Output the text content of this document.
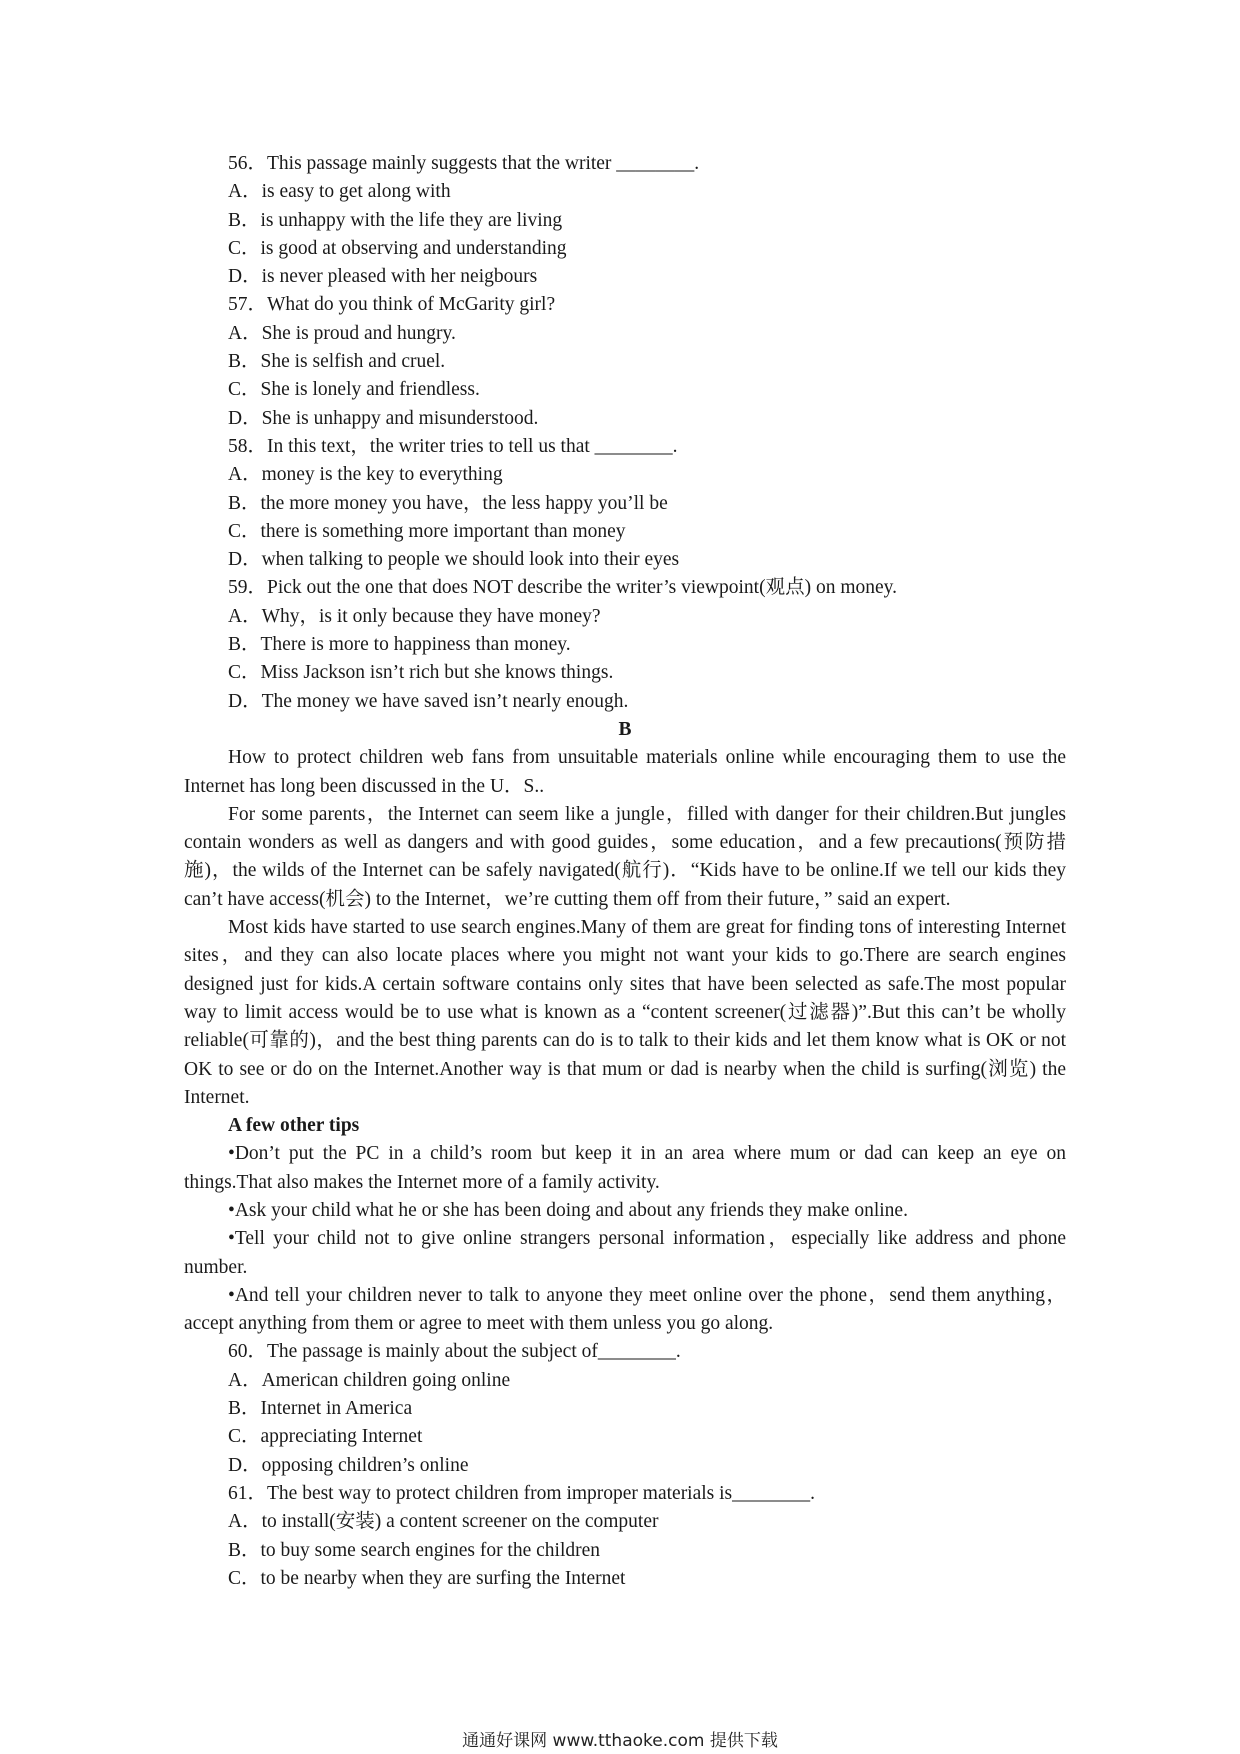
56．This passage mainly suggests that the writer ________.
A．is easy to get along with
B．is unhappy with the life they are living
C．is good at observing and understanding
D．is never pleased with her neigbours
57．What do you think of McGarity girl?
A．She is proud and hungry.
B．She is selfish and cruel.
C．She is lonely and friendless.
D．She is unhappy and misunderstood.
58．In this text，the writer tries to tell us that ________.
A．money is the key to everything
B．the more money you have，the less happy you’ll be
C．there is something more important than money
D．when talking to people we should look into their eyes
59．Pick out the one that does NOT describe the writer’s viewpoint(观点) on money.
A．Why，is it only because they have money?
B．There is more to happiness than money.
C．Miss Jackson isn’t rich but she knows things.
D．The money we have saved isn’t nearly enough.
B

How to protect children web fans from unsuitable materials online while encouraging them to use the Internet has long been discussed in the U．S..

For some parents，the Internet can seem like a jungle，filled with danger for their children.But jungles contain wonders as well as dangers and with good guides，some education，and a few precautions(预防措施)，the wilds of the Internet can be safely navigated(航行)．“Kids have to be online.If we tell our kids they can’t have access(机会) to the Internet，we’re cutting them off from their future，” said an expert.

Most kids have started to use search engines.Many of them are great for finding tons of interesting Internet sites，and they can also locate places where you might not want your kids to go.There are search engines designed just for kids.A certain software contains only sites that have been selected as safe.The most popular way to limit access would be to use what is known as a “content screener(过滤器)”.But this can’t be wholly reliable(可靠的)，and the best thing parents can do is to talk to their kids and let them know what is OK or not OK to see or do on the Internet.Another way is that mum or dad is nearby when the child is surfing(浏览) the Internet.

A few other tips

•Don’t put the PC in a child’s room but keep it in an area where mum or dad can keep an eye on things.That also makes the Internet more of a family activity.

•Ask your child what he or she has been doing and about any friends they make online.

•Tell your child not to give online strangers personal information，especially like address and phone number.

•And tell your children never to talk to anyone they meet online over the phone，send them anything，accept anything from them or agree to meet with them unless you go along.

60．The passage is mainly about the subject of________.
A．American children going online
B．Internet in America
C．appreciating Internet
D．opposing children’s online
61．The best way to protect children from improper materials is________.
A．to install(安装) a content screener on the computer
B．to buy some search engines for the children
C．to be nearby when they are surfing the Internet
通通好课网 www.tthaoke.com 提供下载
